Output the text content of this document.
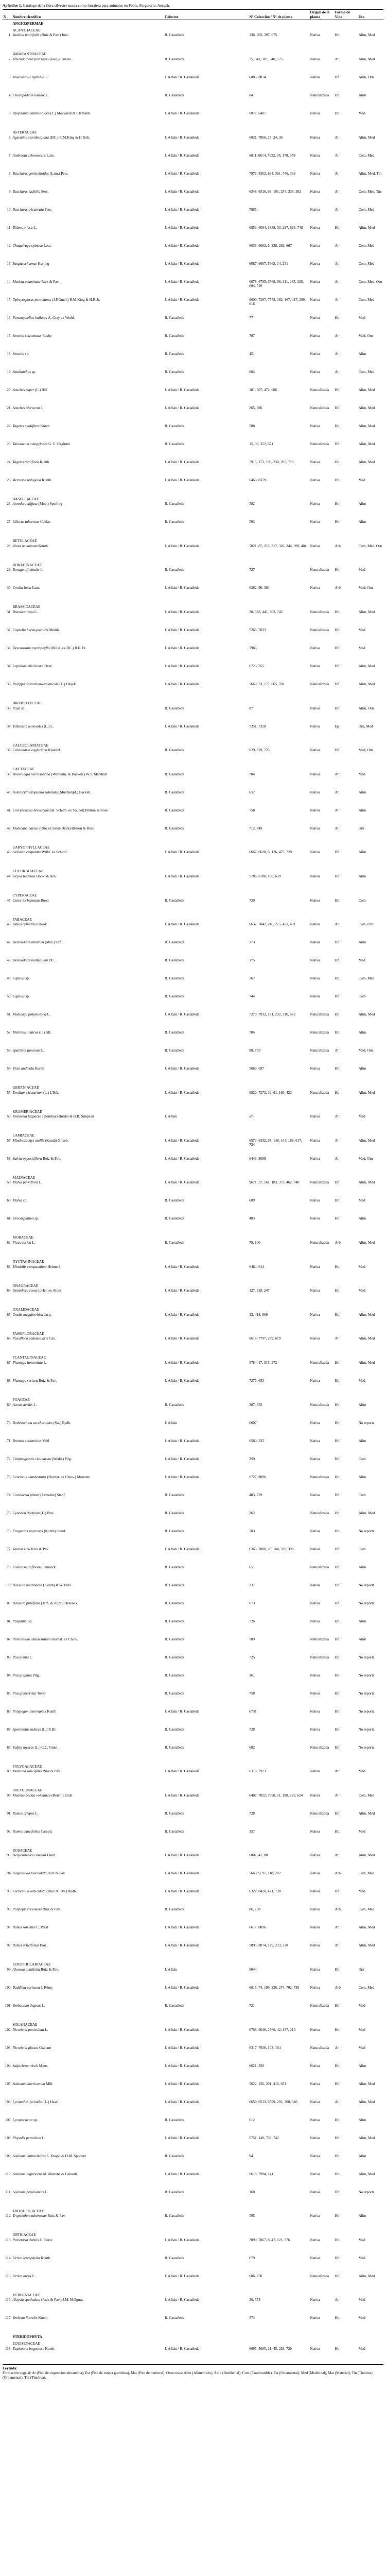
Apéndice 1. Catálogo de la flora silvestre usada como forrajera para animales en Pobla, Purgatorio, Ancash.
N	Nombre científico	Colector	N° Colección / N° de planta	Origen de la planta	Forma de Vida	Uso
	ANGIOSPERMAE					
	ACANTHACEAE					
1	Justicia mollifolia (Ruiz & Pav.) Juss.	R. Castañeda	136, 203, 397, 675	Nativa	Hb	Alim, Med
	AMARANTHACEAE					
2	Alternanthera porrigens (Jacq.) Kuntze	R. Castañeda	75, 341, 301, 340, 725	Nativa	Ar	Alim, Med
3	Amaranthus hybridus L.	J. Albán / R. Castañeda	6085, 8074	Nativa	Hb	Alim, Orn
4	Chenopodium murale L.	R. Castañeda	841	Naturalizada	Hb	Alim
5	Dysphania ambrosioides (L.) Mosyakin & Clemants	J. Albán / R. Castañeda	6077, 6407	Nativa	Hb	Med
	ASTERACEAE					
6	Ageratina sternbergiana (DC.) R.M.King & H.Rob.	J. Albán / R. Castañeda	6021, 7866, 17, 24, 36	Nativa	Ar	Alim, Med
7	Ambrosia arborescens Lam.	J. Albán / R. Castañeda	6011, 6614, 7052, 35, 178, 679	Nativa	Ar	Com, Med
8	Baccharis genistelloides (Lam.) Pers.	J. Albán / R. Castañeda	7978, 8303, 864, 361, 746, 363	Nativa	Ar	Alim, Med, Tin
9	Baccharis latifolia Pers.	J. Albán / R. Castañeda	6348, 6516, 68, 101, 254, 336, 382	Nativa	Ar	Com, Med, Tin
10	Baccharis tricuneata Pers.	J. Albán / R. Castañeda	7865	Nativa	Ar	Com, Med
11	Bidens pilosa L.	J. Albán / R. Castañeda	6853, 6094, 1838, 53, 297, 693, 748	Nativa	Hb	Alim, Med
12	Chuquiraga spinosa Less.	J. Albán / R. Castañeda	6033, 6662, 6, 238, 261, 667	Nativa	Ar	Com, Med
13	Jungia schuerae Harling	J. Albán / R. Castañeda	6087, 6667, 5662, 14, 231	Nativa	Ar	Com, Med
14	Mutisia acuminata Ruiz & Pav.	J. Albán / R. Castañeda	6078, 6795, 6568, 66, 311, 285, 283, 604, 719	Nativa	Ar	Com, Med, Orn
15	Ophryosporus peruvianus (J.F.Gmel.) R.M.King & H.Rob.	J. Albán / R. Castañeda	6600, 7297, 7778, 182, 167, 417, 299, 616	Nativa	Ar	Com, Med
16	Paranephelius bullatus A. Gray ex Wedd.	R. Castañeda	77	Nativa	Hb	Med
17	Senecio rhizomatus Rusby	R. Castañeda	787	Nativa	Ar	Med, Orn
18	Senecio sp.	R. Castañeda	451	Nativa	Ar	Alim
19	Smallanthus sp.	R. Castañeda	604	Nativa	Ar	Com, Med
20	Sonchus asper (L.) Hill	J. Albán / R. Castañeda	181, 307, 472, 686	Naturalizada	Hb	Alim, Med
21	Sonchus oleraceus L.	J. Albán / R. Castañeda	265, 686	Naturalizada	Hb	Alim, Med
22	Tagetes multiflora Kunth	R. Castañeda	588	Nativa	Hb	Alim, Med
23	Taraxacum campylodes G. E. Haglund	R. Castañeda	15, 98, 352, 671	Naturalizada	Hb	Alim, Med
24	Tagetes terniflora Kunth	J. Albán / R. Castañeda	7915, 173, 196, 230, 293, 719	Nativa	Hb	Alim, Med
25	Werneria nubigena Kunth	J. Albán / R. Castañeda	6463, 8379	Nativa	Hb	Med
	BASELLACEAE					
26	Anredera diffusa (Moq.) Sperling	R. Castañeda	582	Nativa	Hb	Alim
27	Ullucus tuberosus Caldas	R. Castañeda	593	Nativa	Hb	Alim
	BETULACEAE					
28	Alnus acuminata Kunth	J. Albán / R. Castañeda	5821, 87, 215, 317, 326, 344, 399, 404	Nativa	Arb	Com, Med, Orn
	BORAGINACEAE					
29	Borago officinalis L.	R. Castañeda	727	Naturalizada	Hb	Med
30	Cordia lutea Lam.	J. Albán / R. Castañeda	6282, 90, 364	Nativa	Arb	Med, Orn
	BRASSICACEAE					
31	Brassica rapa L.	J. Albán / R. Castañeda	20, 378, 441, 702, 742	Naturalizada	Hb	Alim, Med
32	Capsella bursa-pastoris Medik.	J. Albán / R. Castañeda	7266, 7833	Naturalizada	Hb	Med
33	Descurainia myriophylla (Willd. ex DC.) R.E. Fr.	J. Albán / R. Castañeda	5983	Nativa	Hb	Med
34	Lepidium chichicara Desv.	J. Albán / R. Castañeda	6723, 355	Nativa	Hb	Alim, Med
35	Rorippa nasturtium-aquaticum (L.) Hayek	J. Albán / R. Castañeda	5660, 33, 177, 665, 702	Naturalizada	Hb	Alim, Med
	BROMELIACEAE					
36	Puya sp.	R. Castañeda	87	Nativa	Hb	Alim, Orn
37	Tillandsia usneoides (L.) L.	J. Albán / R. Castañeda	7251, 7328	Nativa	Ep	Orn, Med
	CALCEOLARIACEAE					
38	Calceolaria engleriana Kraenzl.	R. Castañeda	629, 629, 725	Nativa	Hb	Med, Orn
	CACTACEAE					
39	Browningia microsperma (Werderm. & Backeb.) W.T. Marshall	R. Castañeda	784	Nativa	Ar	Med
40	Austrocylindropuntia subulata (Muehlenpf.) Backeb.	R. Castañeda	657	Nativa	Ar	Alim
41	Corryocactus brevistylus (K. Schum. ex Vaupel) Britton & Rose	R. Castañeda	758	Nativa	Ar	Alim
42	Matucana haynei (Otto ex Salm-Dyck) Britton & Rose	R. Castañeda	712, 749	Nativa	Ar	Orn
	CARYOPHYLLACEAE					
43	Stellaria cuspidata Willd. ex Schltdl.	J. Albán / R. Castañeda	6667, 6628, 6, 126, 475, 720	Nativa	Hb	Alim
	CUCURBITACEAE					
44	Sicyos baderoa Hook. & Arn.	J. Albán / R. Castañeda	5786, 6700, 166, 639	Nativa	Hb	Alim
	CYPERACEAE					
45	Carex bichenoana Boott	R. Castañeda	729	Nativa	Hb	Com
	FABACEAE					
46	Dalea cylindrica Hook.	J. Albán / R. Castañeda	6632, 7842, 246, 275, 421, 491	Nativa	Ar	Com, Orn
47	Desmodium intortum (Mill.) Urb.	R. Castañeda	173	Nativa	Hb	Alim
48	Desmodium molliculum DC.	R. Castañeda	175	Nativa	Hb	Med
49	Lupinus sp.	R. Castañeda	567	Nativa	Hb	Com, Med
50	Lupinus sp.	R. Castañeda	744	Nativa	Hb	Com
51	Medicago polymorpha L.	J. Albán / R. Castañeda	7270, 7932, 181, 232, 310, 572	Naturalizada	Hb	Alim, Med
52	Melilotus indicus (L.) All.	R. Castañeda	784	Naturalizada	Hb	Alim
53	Spartium junceum L.	R. Castañeda	88, 753	Naturalizada	Ar	Med, Orn
54	Vicia andicola Kunth	J. Albán / R. Castañeda	5660, 697	Nativa	Hb	Alim
	GERANIACEAE					
55	Erodium cicutarium (L.) L'Hér.	J. Albán / R. Castañeda	6820, 7273, 32, 61, 160, 422	Naturalizada	Hb	Alim, Med
	KRAMERIACEAE					
56	Krameria lappacea (Dombey) Burdet & B.B. Simpson	J. Albán	s/n	Nativa	Ar	Med
	LAMIACEAE					
57	Minthostachys mollis (Kunth) Griseb.	J. Albán / R. Castañeda	6573, 6352, 95, 148, 144, 188, 617, 724	Nativa	Ar	Alim, Med
58	Salvia oppositiflora Ruiz & Pav.	J. Albán / R. Castañeda	6443, 8089	Nativa	Ar	Med, Orn
	MALVACEAE					
59	Malva parviflora L.	J. Albán / R. Castañeda	9671, 37, 161, 183, 373, 462, 748	Naturalizada	Hb	Alim, Med
60	Malva sp.	R. Castañeda	689	Nativa	Hb	Med
61	Urocarpidium sp.	R. Castañeda	483	Nativa	Hb	Alim
	MORACEAE					
62	Ficus carica L.	R. Castañeda	79, 100	Naturalizada	Arb	Alim, Med
	NYCTAGINACEAE					
63	Mirabilis campanulata Heimerl	J. Albán / R. Castañeda	6464, 614	Nativa	Hb	Med
	ONAGRACEAE					
64	Oenothera rosea L'Hér. ex Aiton	J. Albán / R. Castañeda	127, 218, 247	Nativa	Hb	Med
	OXALIDACEAE					
65	Oxalis megalorrhiza Jacq.	J. Albán / R. Castañeda	13, 418, 669	Nativa	Hb	Alim, Med
	PASSIFLORACEAE					
66	Passiflora peduncularis Cav.	J. Albán / R. Castañeda	6614, 7797, 289, 619	Nativa	Ar	Alim, Med
	PLANTAGINACEAE					
67	Plantago lanceolata L.	J. Albán / R. Castañeda	5784, 17, 315, 372	Naturalizada	Hb	Alim, Med
68	Plantago sericea Ruiz & Pav.	J. Albán / R. Castañeda	7275, 653	Nativa	Hb	Med
	POACEAE					
69	Avena sterilis L.	R. Castañeda	387, 655	Naturalizada	Hb	Alim
70	Bothriochloa saccharoides (Sw.) Rydb.	J. Albán	6607	Nativa	Hb	No reporta
71	Bromus catharticus Vahl	J. Albán / R. Castañeda	6580, 335	Nativa	Hb	Alim
72	Calamagrostis vicunarum (Wedd.) Pilg.	J. Albán / R. Castañeda	359	Nativa	Hb	Com
73	Cenchrus clandestinus (Hochst. ex Chiov.) Morrone	J. Albán / R. Castañeda	6727, 8096	Naturalizada	Hb	Alim
74	Cortaderia jubata (Lemoine) Stapf	R. Castañeda	483, 729	Nativa	Hb	Com
75	Cynodon dactylon (L.) Pers.	R. Castañeda	362	Naturalizada	Hb	Alim, Med
76	Eragrostis nigricans (Kunth) Steud.	R. Castañeda	503	Nativa	Hb	No reporta
77	Jarava ichu Ruiz & Pav.	J. Albán / R. Castañeda	6365, 2800, 28, 104, 339, 398	Nativa	Hb	Com
78	Lolium multiflorum Lamarck	R. Castañeda	65	Naturalizada	Hb	Alim
79	Nassella mucronata (Kunth) R.W. Pohl	R. Castañeda	337	Nativa	Hb	No reporta
80	Nassella pubiflora (Trin. & Rupr.) Desvaux	R. Castañeda	673	Nativa	Hb	No reporta
81	Paspalum sp.	R. Castañeda	726	Nativa	Hb	Alim
82	Pennisetum clandestinum Hochst. ex Chiov.	R. Castañeda	589	Naturalizada	Hb	Alim
83	Poa annua L.	R. Castañeda	725	Naturalizada	Hb	No reporta
84	Poa gilgiana Pilg.	R. Castañeda	361	Nativa	Hb	No reporta
85	Poa glaberrima Tovar	R. Castañeda	758	Nativa	Hb	No reporta
86	Polypogon interruptus Kunth	J. Albán / R. Castañeda	6731	Nativa	Hb	No reporta
87	Sporobolus indicus (L.) R.Br.	R. Castañeda	728	Nativa	Hb	No reporta
88	Vulpia myuros (L.) C.C. Gmel.	R. Castañeda	682	Naturalizada	Hb	No reporta
	POLYGALACEAE					
89	Monnina salicifolia Ruiz & Pav.	J. Albán / R. Castañeda	6316, 7923	Nativa	Ar	Med
	POLYGONACEAE					
90	Muehlenbeckia volcanica (Benth.) Endl.	J. Albán / R. Castañeda	6487, 7822, 7998, 11, 190, 225, 624	Nativa	Ar	Com, Med
91	Rumex crispus L.	R. Castañeda	728	Naturalizada	Hb	Alim, Med
92	Rumex cuneifolius Campd.	R. Castañeda	357	Nativa	Hb	Med
	ROSACEAE					
93	Hesperomeles cuneata Lindl.	J. Albán / R. Castañeda	6007, 41, 80	Nativa	Ar	Alim, Med
94	Kageneckia lanceolata Ruiz & Pav.	J. Albán / R. Castañeda	5663, 9, 91, 118, 202	Nativa	Arb	Com, Med
95	Lachemilla orbiculata (Ruiz & Pav.) Rydb.	J. Albán / R. Castañeda	6322, 8420, 421, 738	Nativa	Hb	Med
96	Polylepis racemosa Ruiz & Pav.	R. Castañeda	86, 758	Nativa	Arb	Com, Med
97	Rubus robustus C. Presl	J. Albán / R. Castañeda	6617, 8096	Nativa	Ar	Alim, Med
98	Rubus urticifolius Poir.	J. Albán / R. Castañeda	5895, 8074, 129, 233, 328	Nativa	Ar	Alim, Med
	SCROPHULARIACEAE					
99	Alonsoa acutifolia Ruiz & Pav.	J. Albán	6044	Nativa	Hb	Orn
100	Buddleja coriacea J. Rémy	J. Albán / R. Castañeda	6615, 74, 199, 226, 274, 702, 738	Nativa	Arb	Com, Med
101	Verbascum thapsus L.	R. Castañeda	721	Naturalizada	Hb	Med
	SOLANACEAE					
102	Nicotiana paniculata L.	J. Albán / R. Castañeda	6768, 6646, 2766, 42, 137, 213	Nativa	Hb	Med
103	Nicotiana glauca Graham	J. Albán / R. Castañeda	6317, 7936, 103, 164	Naturalizada	Ar	Med
104	Salpichroa tristis Miers	J. Albán / R. Castañeda	6621, 350	Nativa	Hb	Alim
105	Solanum americanum Mill.	J. Albán / R. Castañeda	5622, 156, 201, 416, 651	Nativa	Hb	Alim, Med
106	Lycianthes lycioides (L.) Hassl.	J. Albán / R. Castañeda	6659, 6513, 6599, 291, 300, 646	Nativa	Ar	Alim, Med
107	Lycopersicon sp.	R. Castañeda	612	Nativa	Hb	Alim
108	Physalis peruviana L.	J. Albán / R. Castañeda	5751, 149, 738, 742	Nativa	Hb	Alim, Med
109	Solanum habrochaites S. Knapp & D.M. Spooner	R. Castañeda	94	Nativa	Hb	Alim
110	Solanum nigrescens M. Martens & Galeotti	J. Albán / R. Castañeda	6618, 7994, 141	Nativa	Hb	Alim, Med
111	Solanum peruvianum L.	R. Castañeda	168	Nativa	Hb	No reporta
	TROPAEOLACEAE					
112	Tropaeolum tuberosum Ruiz & Pav.	R. Castañeda	595	Nativa	Hb	Alim
	URTICACEAE					
113	Parietaria debilis G. Forst.	J. Albán / R. Castañeda	7890, 7867, 8047, 121, 376	Nativa	Hb	Med
114	Urtica leptophylla Kunth	R. Castañeda	679	Nativa	Hb	Med
115	Urtica urens L.	J. Albán / R. Castañeda	606, 750	Naturalizada	Hb	Alim, Med
	VERBENACEAE					
116	Aloysia spathulata (Ruiz & Pav.) J.M. Múlgura	J. Albán / R. Castañeda	36, 574	Nativa	Ar	Med
117	Verbena litoralis Kunth	R. Castañeda	574	Nativa	Hb	Med
	PTERIDOPHYTA					
	EQUISETACEAE					
118	Equisetum bogotense Kunth	J. Albán / R. Castañeda	6695, 5665, 21, 45, 228, 720	Nativa	Hb	Med
Leyenda:
Formación vegetal: Ar (Piso de vegetación altoandina), Est (Piso de estepa gramínea), Mat (Piso de matorral). Otros usos: Alim (Alimenticio), Amb (Ambiental), Com (Combustible), Est (Ornamental), Med (Medicinal), Mat (Material), Tin (Tintórea) (Ornamental), Tin (Tintórea).
